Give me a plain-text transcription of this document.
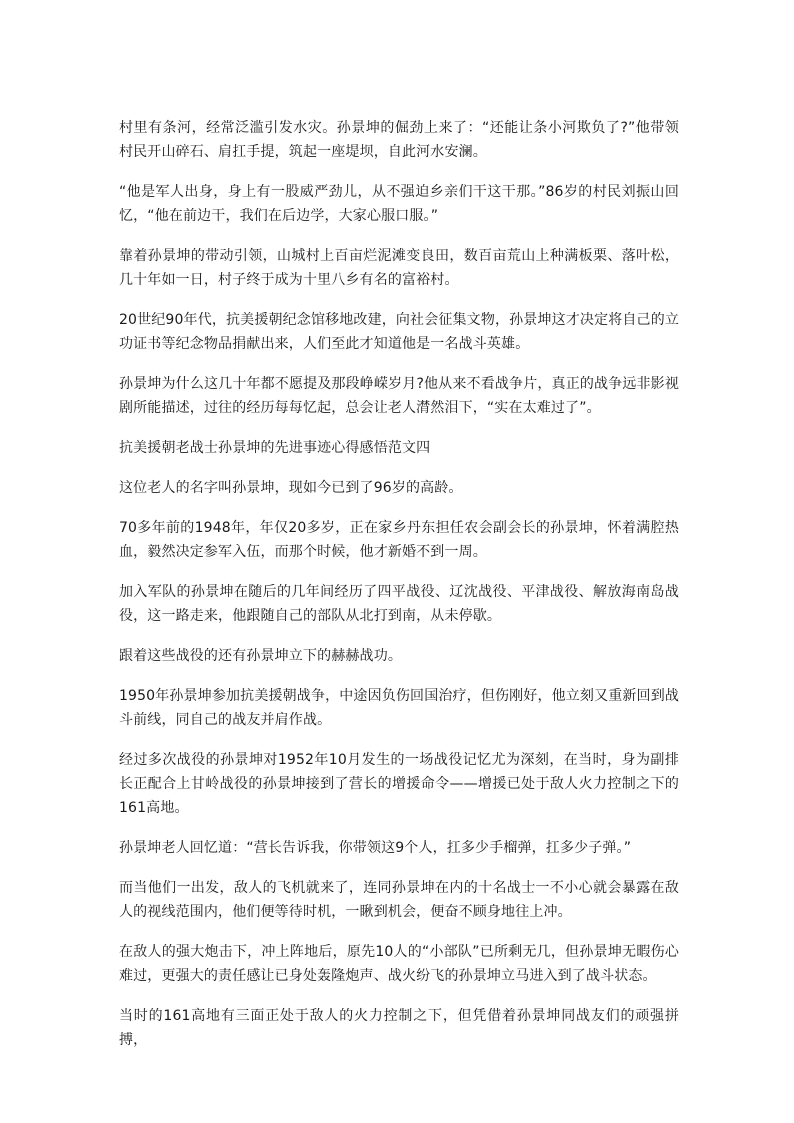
村里有条河，经常泛滥引发水灾。孙景坤的倔劲上来了：“还能让条小河欺负了?”他带领村民开山碎石、肩扛手提，筑起一座堤坝，自此河水安澜。

“他是军人出身，身上有一股威严劲儿，从不强迫乡亲们干这干那。”86岁的村民刘振山回忆，“他在前边干，我们在后边学，大家心服口服。”

靠着孙景坤的带动引领，山城村上百亩烂泥滩变良田，数百亩荒山上种满板栗、落叶松，几十年如一日，村子终于成为十里八乡有名的富裕村。

20世纪90年代，抗美援朝纪念馆移地改建，向社会征集文物，孙景坤这才决定将自己的立功证书等纪念物品捐献出来，人们至此才知道他是一名战斗英雄。

孙景坤为什么这几十年都不愿提及那段峥嵘岁月?他从来不看战争片，真正的战争远非影视剧所能描述，过往的经历每每忆起，总会让老人潸然泪下，“实在太难过了”。

抗美援朝老战士孙景坤的先进事迹心得感悟范文四

这位老人的名字叫孙景坤，现如今已到了96岁的高龄。

70多年前的1948年，年仅20多岁，正在家乡丹东担任农会副会长的孙景坤，怀着满腔热血，毅然决定参军入伍，而那个时候，他才新婚不到一周。

加入军队的孙景坤在随后的几年间经历了四平战役、辽沈战役、平津战役、解放海南岛战役，这一路走来，他跟随自己的部队从北打到南，从未停歇。

跟着这些战役的还有孙景坤立下的赫赫战功。

1950年孙景坤参加抗美援朝战争，中途因负伤回国治疗，但伤刚好，他立刻又重新回到战斗前线，同自己的战友并肩作战。

经过多次战役的孙景坤对1952年10月发生的一场战役记忆尤为深刻，在当时，身为副排长正配合上甘岭战役的孙景坤接到了营长的增援命令——增援已处于敌人火力控制之下的161高地。

孙景坤老人回忆道：“营长告诉我，你带领这9个人，扛多少手榴弹，扛多少子弹。”

而当他们一出发，敌人的飞机就来了，连同孙景坤在内的十名战士一不小心就会暴露在敌人的视线范围内，他们便等待时机，一瞅到机会，便奋不顾身地往上冲。

在敌人的强大炮击下，冲上阵地后，原先10人的“小部队”已所剩无几，但孙景坤无暇伤心难过，更强大的责任感让已身处轰隆炮声、战火纷飞的孙景坤立马进入到了战斗状态。

当时的161高地有三面正处于敌人的火力控制之下，但凭借着孙景坤同战友们的顽强拼搏，
